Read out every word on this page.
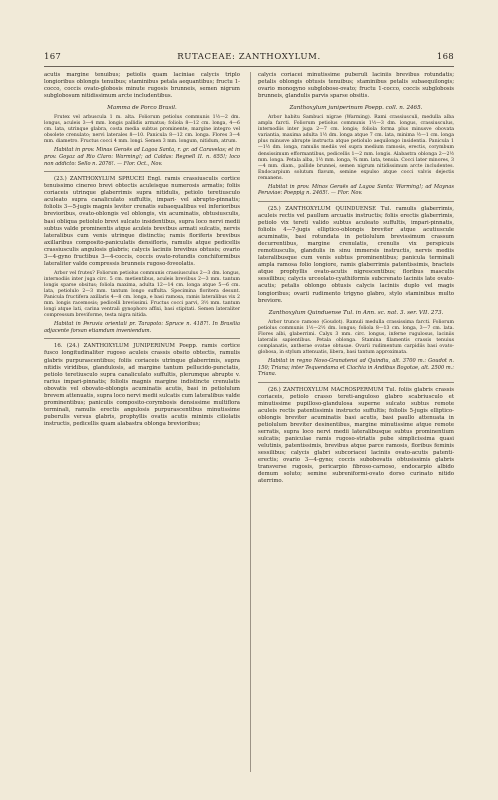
167	RUTACEAE: ZANTHOXYLUM.	168

acutis margine tenuibus; petiolis quam laciniae calycis triplo longioribus oblongis tenuibus; staminibus petala aequantibus; fructu 1-cocco, coccis ovato-globosis minute rugosis brunneis, semen nigrum subglobosum nitidissimum arcte includentibus.

Mamma de Porco Brasil.

Frutex vel arbuscula 1 m. alta. Foliorum petiolus communis 1½—2 dm. longus, aculeis 3—4 mm. longis pallidis armatus; foliola 8—12 cm. longa, 4—6 cm. lata, utrinque glabra, costa media subtus prominente, margine integro vel obsolete crenulato; nervi laterales 8—10. Panicula 8—12 cm. longa. Flores 3—4 mm. diametro. Fructus cocci 4 mm. longi. Semen 3 mm. longum, nitidum, atrum.

Habitat in prov. Minas Geraës ad Lagoa Santa, r. gr. ad Caravelas; et in prov. Goyaz ad Rio Claro: Warming!; ad Caldas: Regnell II. n. 655!; loco non addicto: Sello n. 2076!. — Flor. Oct., Nov.

(23.) ZANTHOXYLUM SPRUCEI Engl. ramis crassiusculis cortice tenuissimo cinereo brevi obtectis aculeisque numerosis armatis; foliis coriaceis utrinque glaberrimis supra nitidulis, petiolo teretiusculo aculeato supra canaliculato suffultis, impari- vel abrupto-pinnatis; foliolis 3—5-jugis magnis leviter crenatis subaequalibus vel inferioribus brevioribus, ovato-oblongis vel oblongis, vix acuminatis, obtusiusculis, basi obliqua petiolulo brevi sulcato insidentibus, supra loco nervi medii subtus valde prominentis atque aculeis brevibus armati sulcatis, nervis lateralibus cum venis utrinque distinctis; ramis floriferis brevibus axillaribus composito-paniculatis densifloris, ramulis atque pedicellis crassiusculis angulosis glabris; calycis laciniis brevibus obtusis; ovario 3—4-gyno fructibus 3—4-coccis, coccis ovato-rotundis conchiformibus lateraliter valde compressis brunneis rugoso-foveolatis.

Arbor vel frutex? Foliorum petiolus communis crassiusculus 2—3 dm. longus, internodiis inter juga circ. 5 cm. metientibus, aculeis brevibus 2—3 mm. tantum longis sparse obsitus; foliola maxima, adulta 12—14 cm. longa atque 5—6 cm. lata, petiolulo 2—3 mm. tantum longo suffulta. Specimina floritera desunt. Panicula fructifera axillaris 4—8 cm. longa, e basi ramosa, ramis lateralibus vix 2 mm. longis racemosis; pedicelli brevissimi. Fructus cocci parvi, 3½ mm. tantum longi atque lati, carina ventrali gynophoro affixi, basi stipitati. Semen lateraliter compressum breviforme, testa nigra nitida.

Habitat in Peruvia orientali pr. Tarapoto: Spruce n. 4187!. In Brasilia adjacente forsan etiamdum inveniendum.

16. (24.) ZANTHOXYLUM JUNIPERINUM Poepp. ramis cortice fusco longitudinaliter rugoso aculeis crassis obsito obtectis, ramulis glabris purpurascentibus; foliis coriaceis utrinque glaberrimis, supra nitidis viridibus, glandulosis, ad margine tantum pellucido-punctatis, petiolo teretiusculo supra canaliculato suffultis, plerumque abrupte v. rarius impari-pinnatis; foliolis magnis margine indistincte crenulatis obovatis vel obovato-oblongis acuminatis acutis, basi in petiolulum brevem attenuatis, supra loco nervi medii sulcatis cum lateralibus valde prominentibus; paniculis composito-corymbosis densissime multiflora terminali, ramulis erectis angulosis purpurascentibus minutissime puberulis versus glabris, prophyllis ovatis acutis minimis ciliolatis instructis, pedicellis quam alabastra oblonga brevioribus;

calycis coriacei minutissime puberuli laciniis brevibus rotundatis; petalis oblongis obtusis tenuibus; staminibus petalis subaequilongis; ovario monogyno subglobose-ovato; fructu 1-cocco, coccis subglobosis brunneis, glandulis parvis sparse obsitis.

Zanthoxylum juniperinum Poepp. coll. n. 2465.

Arbor habitu Sambuci nigrae (Warming). Rami crassiusculi, medulla alba ampla farcti. Foliorum petiolus communis 1½—3 dm. longus, crassiusculus, internodiis inter juga 2—7 cm. longis; foliola forma plus minusve obovata variantia, maxima adulta 1½ dm. longa atque 7 cm. lata, minima ½—1 cm. longa plus minusve abrupte instructa atque petiolulo aequilongo insidentia. Panicula 1—1½ dm. longa, ramulis mediis vel supra medium ramosis, erectis, corymbum densissimum efformantibus, pedicellis 1—2 mm. longis. Alabastra oblonga 2—2½ mm. longa. Petala alba, 1½ mm. longa, ¾ mm. lata, tenuia. Cocci later minores, 3—4 mm. diam., pallide brunnei, semen nigrum nitidissimum arcte includentes. Endocarpium solutum flavum, semine expulso atque cocci valvis dejectis remanens.

Habitat in prov. Minas Geraës ad Lagoa Santa: Warming!; ad Maynas Peruviae: Poeppig n. 2465!. — Flor. Nov.

(25.) ZANTHOXYLUM QUINDUENSE Tul. ramulis glaberrimis, aculeis rectis vel paullum arcuatis instructis; foliis erectis glaberrimis, petiolo vix tereti valido subtus aculeato suffultis, impari-pinnatis, foliolis 4—7-jugis elliptico-oblongis breviter atque acutiuscule acuminatis, basi rotundata in petiolulum brevissimum crassum decurrentibus, margine crenulatis, crenulis vix perspicuis remotiusculis, glandulis in sinu immersis instructis, nervis mediis lateralibusque cum venis subtus prominentibus; panicula terminali ampla ramosa folio longiore, ramis glaberrimis patentissimis, bracteis atque prophyllis ovato-acutis nigrescentibus; floribus masculis sessilibus; calycis urceolato-cyathiformis subcrenato laciniis late ovato-acutis; petalis oblongo obtusis calycis laciniis duplo vel magis longioribus; ovarii rudimento trigyno glabro, stylo staminibus multo breviore.

Zanthoxylum Quinduense Tul. in Ann. sc. nat. 3. ser. VII. 273.

Arbor trunco ramoso (Goudot). Ramuli medulla crassissima farcti. Foliorum petiolus communis 1½—2½ dm. longus; foliola 8—13 cm. longa, 3—7 cm. lata. Flores albi, glaberrimi. Calyx 3 mm. circ. longus, inferne rugulosus, laciniis lateralis sapientibus. Petala oblonga. Stamina filamentis crassis tenuius complanatis, antherae ovatae obtusae. Ovarii rudimentum carpidiis basi ovato-globosa, in stylum attenuatis, libera, basi tantum approximata.

Habitat in regno Novo-Granatensi ad Quindiu, alt. 3700 m.: Goudot n. 150; Triana; inter Tequendama et Ciachia in Andibus Bogotae, alt. 2500 m.: Triana.

(26.) ZANTHOXYLUM MACROSPERMUM Tul. foliis glabris crassis coriaceis, petiolo crasso tereti-anguloso glabro scabriusculo et minutissime pupilloso-glandulosa superne sulcato subtus remote aculeis rectis patentissimis instructo suffultis; foliolis 5-jugis elliptico-oblongis breviter acuminatis basi acutis, basi paullo attenuata in petiolulum breviter desinentibus, margine minutissime atque remote serratis, supra loco nervi medii lateralibusque subtus prominentium sulcatis; paniculae ramis rugoso-striatis pube simplicissima quasi velutinis, patentissimis, brevibus atque parce ramosis, floribus feminis sessilibus; calycis glabri subcoriacei laciniis ovato-acutis patenti-erectis; ovario 3—4-gyno; coccis subobovatis obtusissimis glabris transverse rugosis, pericarpio fibroso-carnoso, endocarpio albido demum soluto; semine subreniformi-ovato dorso curinato nitido aterrimo.
